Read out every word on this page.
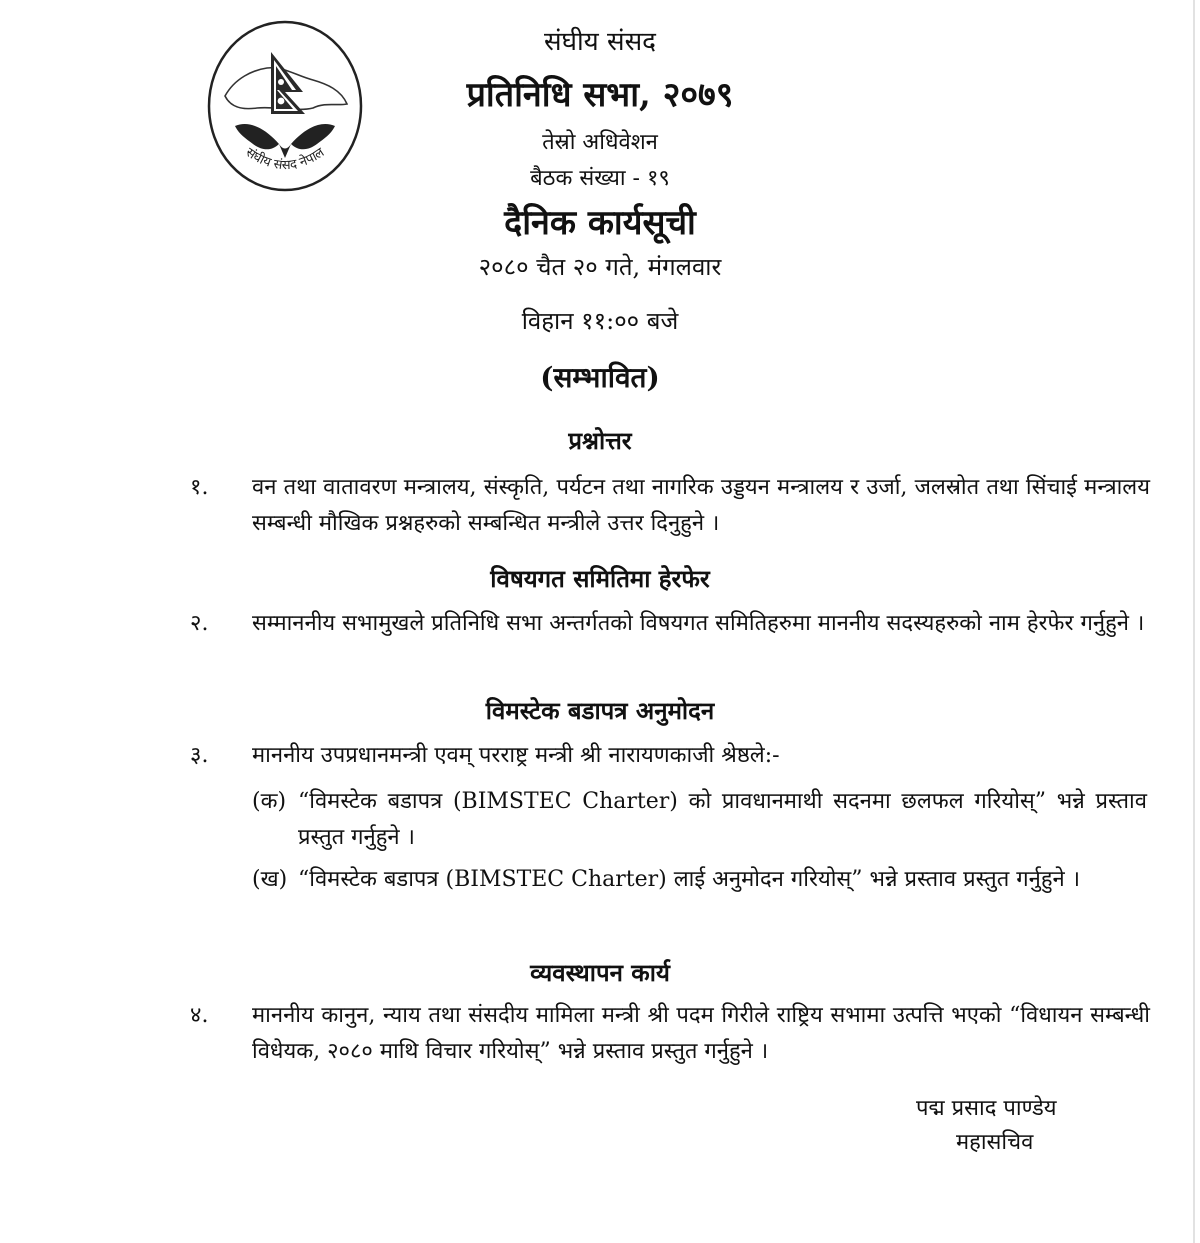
संघीय संसद नेपाल
संघीय संसद
प्रतिनिधि सभा, २०७९
तेस्रो अधिवेशन
बैठक संख्या - १९
दैनिक कार्यसूची
२०८० चैत २० गते, मंगलवार
विहान ११:०० बजे
(सम्भावित)
प्रश्नोत्तर
१.	वन तथा वातावरण मन्त्रालय, संस्कृति, पर्यटन तथा नागरिक उड्डयन मन्त्रालय र उर्जा, जलस्रोत तथा सिंचाई मन्त्रालय सम्बन्धी मौखिक प्रश्नहरुको सम्बन्धित मन्त्रीले उत्तर दिनुहुने ।
विषयगत समितिमा हेरफेर
२.	सम्माननीय सभामुखले प्रतिनिधि सभा अन्तर्गतको विषयगत समितिहरुमा माननीय सदस्यहरुको नाम हेरफेर गर्नुहुने ।
विमस्टेक बडापत्र अनुमोदन
३.	माननीय उपप्रधानमन्त्री एवम् परराष्ट्र मन्त्री श्री नारायणकाजी श्रेष्ठले:-
(क) “विमस्टेक बडापत्र (BIMSTEC Charter) को प्रावधानमाथी सदनमा छलफल गरियोस्” भन्ने प्रस्ताव प्रस्तुत गर्नुहुने ।
(ख) “विमस्टेक बडापत्र (BIMSTEC Charter) लाई अनुमोदन गरियोस्” भन्ने प्रस्ताव प्रस्तुत गर्नुहुने ।
व्यवस्थापन कार्य
४.	माननीय कानुन, न्याय तथा संसदीय मामिला मन्त्री श्री पदम गिरीले राष्ट्रिय सभामा उत्पत्ति भएको “विधायन सम्बन्धी विधेयक, २०८० माथि विचार गरियोस्” भन्ने प्रस्ताव प्रस्तुत गर्नुहुने ।
पद्म प्रसाद पाण्डेय
महासचिव
